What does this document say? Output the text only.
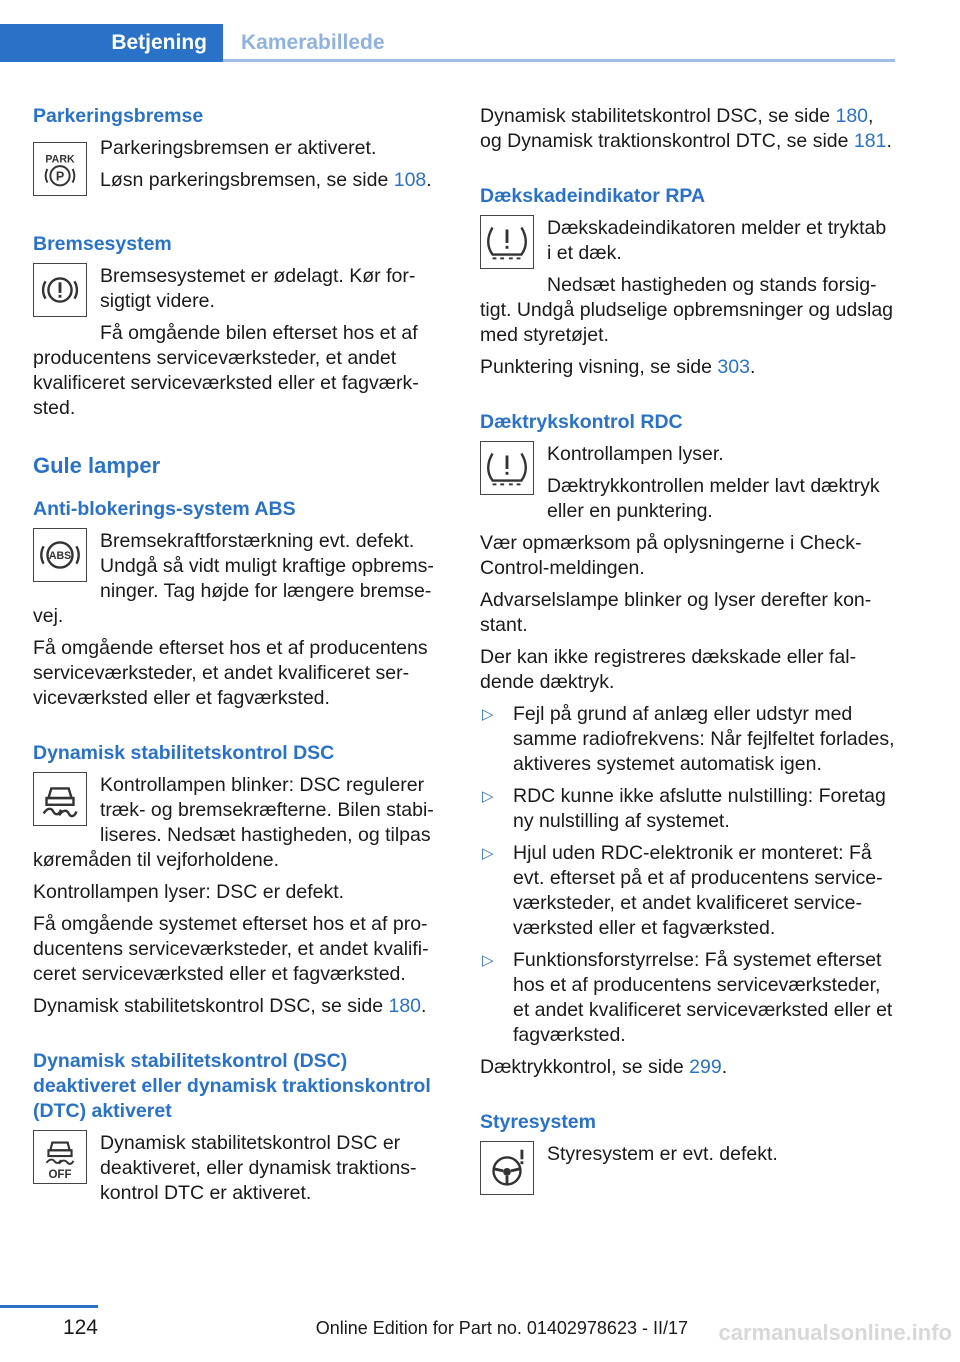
Betjening	Kamerabillede
Parkeringsbremse
PARK
P

Parkeringsbremsen er aktiveret.

Løsn parkeringsbremsen, se side 108.

Bremsesystem

Bremsesystemet er ødelagt. Kør forsigtigt videre.

Få omgående bilen efterset hos et af producentens serviceværksteder, et andet kvalificeret serviceværksted eller et fagværksted.

Gule lamper
Anti-blokerings-system ABS
ABS

Bremsekraftforstærkning evt. defekt. Undgå så vidt muligt kraftige opbremsninger. Tag højde for længere bremsevej.

Få omgående efterset hos et af producentens serviceværksteder, et andet kvalificeret serviceværksted eller et fagværksted.

Dynamisk stabilitetskontrol DSC

Kontrollampen blinker: DSC regulerer træk- og bremsekræfterne. Bilen stabiliseres. Nedsæt hastigheden, og tilpas køremåden til vejforholdene.

Kontrollampen lyser: DSC er defekt.

Få omgående systemet efterset hos et af producentens serviceværksteder, et andet kvalificeret serviceværksted eller et fagværksted.

Dynamisk stabilitetskontrol DSC, se side 180.

Dynamisk stabilitetskontrol (DSC) deaktiveret eller dynamisk traktionskontrol (DTC) aktiveret
OFF

Dynamisk stabilitetskontrol DSC er deaktiveret, eller dynamisk traktionskontrol DTC er aktiveret.

Dynamisk stabilitetskontrol DSC, se side 180, og Dynamisk traktionskontrol DTC, se side 181.

Dækskadeindikator RPA

Dækskadeindikatoren melder et tryktab i et dæk.

Nedsæt hastigheden og stands forsigtigt. Undgå pludselige opbremsninger og udslag med styretøjet.

Punktering visning, se side 303.

Dæktrykskontrol RDC

Kontrollampen lyser.

Dæktrykkontrollen melder lavt dæktryk eller en punktering.

Vær opmærksom på oplysningerne i Check-Control-meldingen.

Advarselslampe blinker og lyser derefter konstant.

Der kan ikke registreres dækskade eller faldende dæktryk.

▷ Fejl på grund af anlæg eller udstyr med samme radiofrekvens: Når fejlfeltet forlades, aktiveres systemet automatisk igen.
▷ RDC kunne ikke afslutte nulstilling: Foretag ny nulstilling af systemet.
▷ Hjul uden RDC-elektronik er monteret: Få evt. efterset på et af producentens serviceværksteder, et andet kvalificeret serviceværksted eller et fagværksted.
▷ Funktionsforstyrrelse: Få systemet efterset hos et af producentens serviceværksteder, et andet kvalificeret serviceværksted eller et fagværksted.

Dæktrykkontrol, se side 299.

Styresystem

Styresystem er evt. defekt.

124	Online Edition for Part no. 01402978623 - II/17 carmanualsonline.info
